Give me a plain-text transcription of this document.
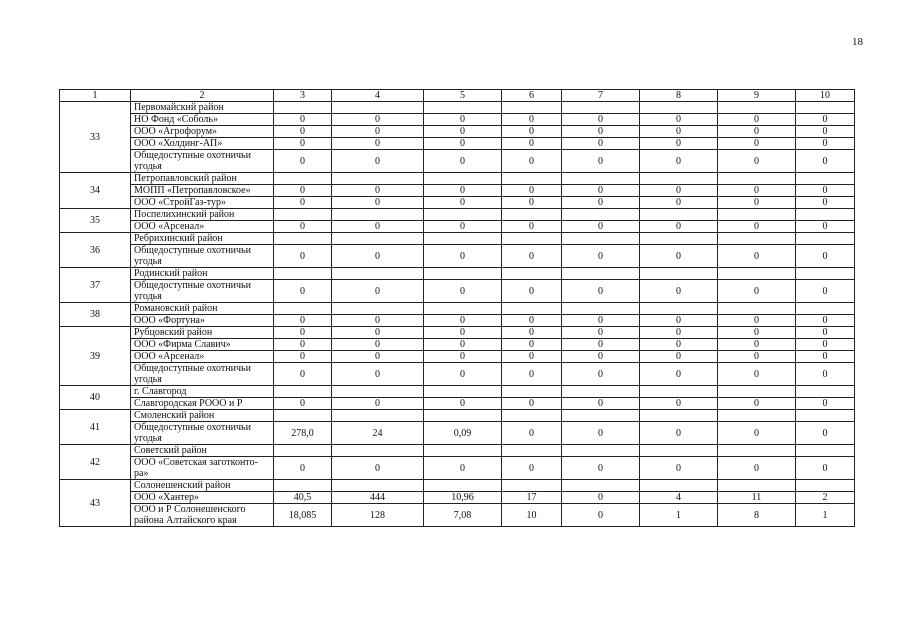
18
1	2	3	4	5	6	7	8	9	10
33	Первомайский район								
	НО Фонд «Соболь»	0	0	0	0	0	0	0	0
	ООО «Агрофорум»	0	0	0	0	0	0	0	0
	ООО «Холдинг-АП»	0	0	0	0	0	0	0	0
	Общедоступные охотничьи угодья	0	0	0	0	0	0	0	0
34	Петропавловский район								
	МОПП «Петропавловское»	0	0	0	0	0	0	0	0
	ООО «СтройГаз-тур»	0	0	0	0	0	0	0	0
35	Поспелихинский район								
	ООО «Арсенал»	0	0	0	0	0	0	0	0
36	Ребрихинский район								
	Общедоступные охотничьи угодья	0	0	0	0	0	0	0	0
37	Родинский район								
	Общедоступные охотничьи угодья	0	0	0	0	0	0	0	0
38	Романовский район								
	ООО «Фортуна»	0	0	0	0	0	0	0	0
39	Рубцовский район	0	0	0	0	0	0	0	0
	ООО «Фирма Славич»	0	0	0	0	0	0	0	0
	ООО «Арсенал»	0	0	0	0	0	0	0	0
	Общедоступные охотничьи угодья	0	0	0	0	0	0	0	0
40	г. Славгород								
	Славгородская РООО и Р	0	0	0	0	0	0	0	0
41	Смоленский район								
	Общедоступные охотничьи угодья	278,0	24	0,09	0	0	0	0	0
42	Советский район								
	ООО «Советская заготконто-ра»	0	0	0	0	0	0	0	0
43	Солонешенский район								
	ООО «Хантер»	40,5	444	10,96	17	0	4	11	2
	ООО и Р Солонешенского района Алтайского края	18,085	128	7,08	10	0	1	8	1
